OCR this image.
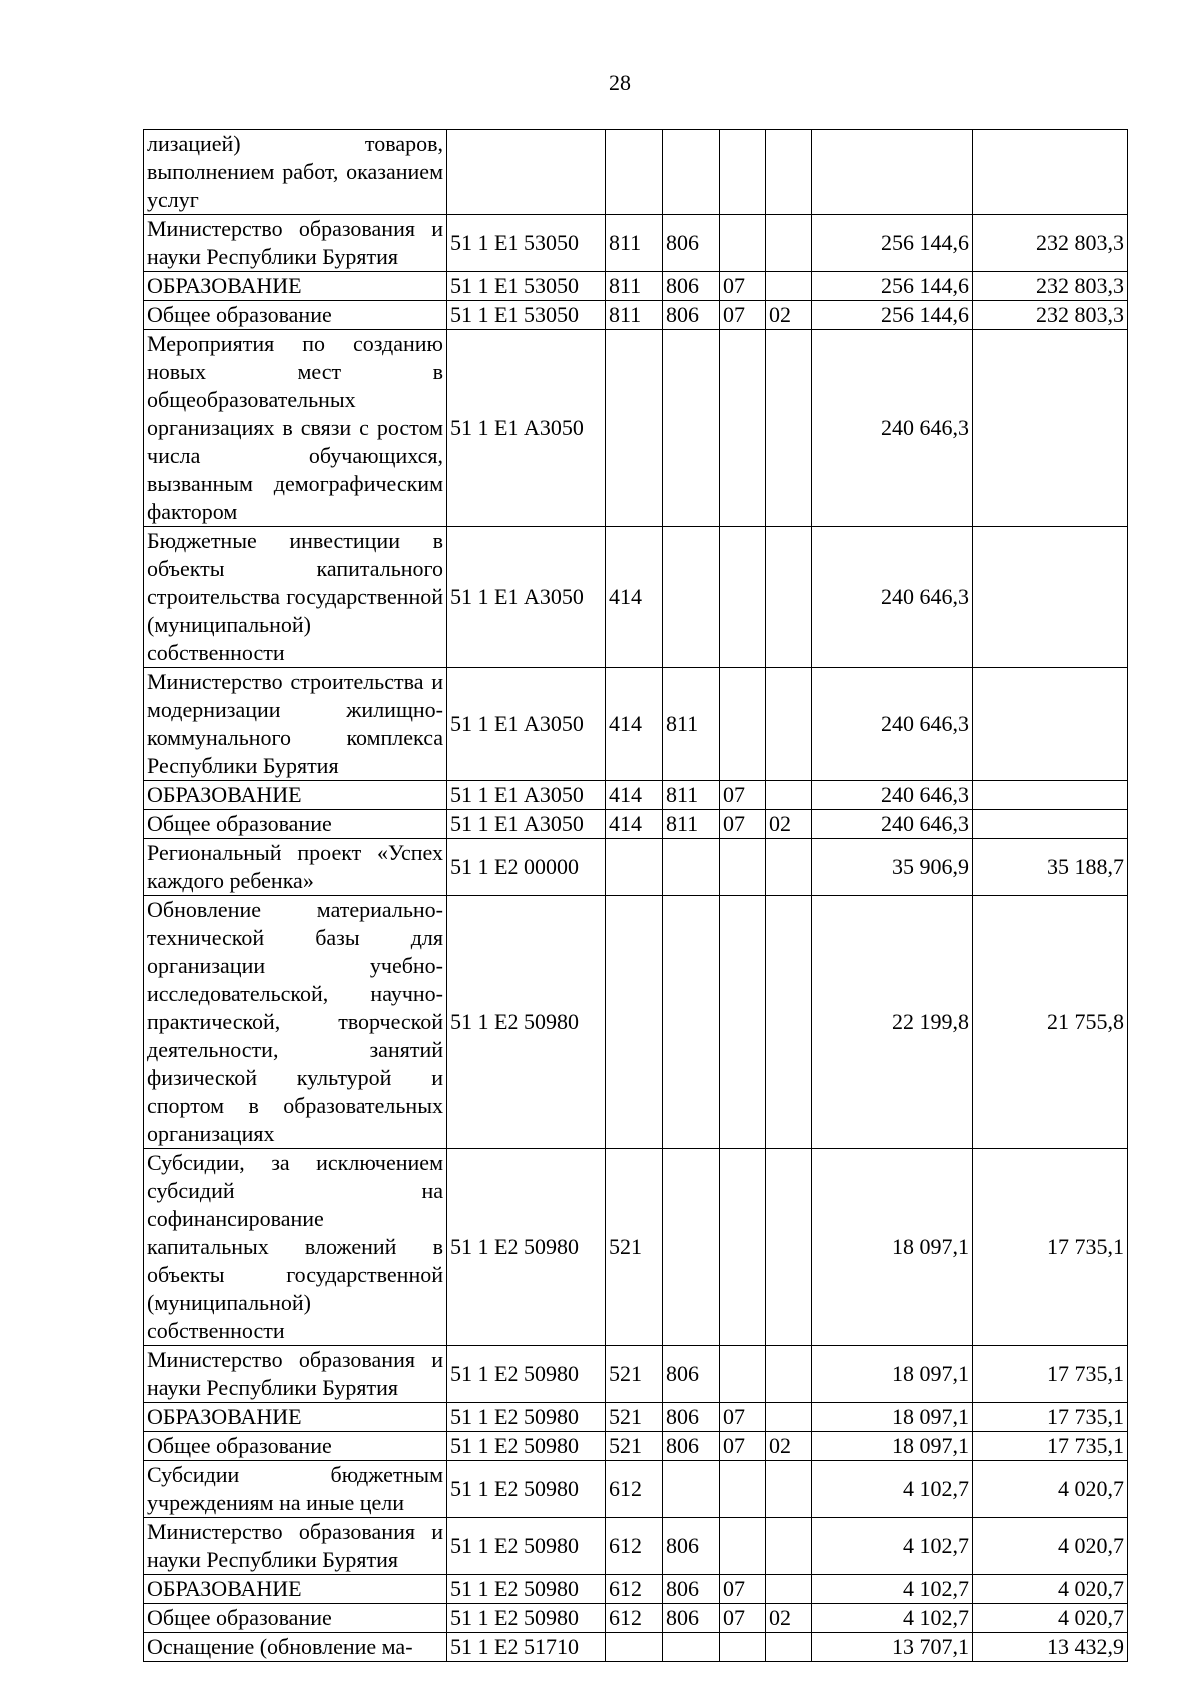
28
лизацией) товаров, выполнением работ, оказанием услуг							
Министерство образования и науки Республики Бурятия	51 1 E1 53050	811	806			256 144,6	232 803,3
ОБРАЗОВАНИЕ	51 1 E1 53050	811	806	07		256 144,6	232 803,3
Общее образование	51 1 E1 53050	811	806	07	02	256 144,6	232 803,3
Мероприятия по созданию новых мест в общеобразовательных организациях в связи с ростом числа обучающихся, вызванным демографическим фактором	51 1 E1 А3050					240 646,3	
Бюджетные инвестиции в объекты капитального строительства государственной (муниципальной) собственности	51 1 E1 А3050	414				240 646,3	
Министерство строительства и модернизации жилищно-коммунального комплекса Республики Бурятия	51 1 E1 А3050	414	811			240 646,3	
ОБРАЗОВАНИЕ	51 1 E1 А3050	414	811	07		240 646,3	
Общее образование	51 1 E1 А3050	414	811	07	02	240 646,3	
Региональный проект «Успех каждого ребенка»	51 1 E2 00000					35 906,9	35 188,7
Обновление материально-технической базы для организации учебно-исследовательской, научно-практической, творческой деятельности, занятий физической культурой и спортом в образовательных организациях	51 1 E2 50980					22 199,8	21 755,8
Субсидии, за исключением субсидий на софинансирование капитальных вложений в объекты государственной (муниципальной) собственности	51 1 E2 50980	521				18 097,1	17 735,1
Министерство образования и науки Республики Бурятия	51 1 E2 50980	521	806			18 097,1	17 735,1
ОБРАЗОВАНИЕ	51 1 E2 50980	521	806	07		18 097,1	17 735,1
Общее образование	51 1 E2 50980	521	806	07	02	18 097,1	17 735,1
Субсидии бюджетным учреждениям на иные цели	51 1 E2 50980	612				4 102,7	4 020,7
Министерство образования и науки Республики Бурятия	51 1 E2 50980	612	806			4 102,7	4 020,7
ОБРАЗОВАНИЕ	51 1 E2 50980	612	806	07		4 102,7	4 020,7
Общее образование	51 1 E2 50980	612	806	07	02	4 102,7	4 020,7
Оснащение (обновление ма-	51 1 E2 51710					13 707,1	13 432,9
